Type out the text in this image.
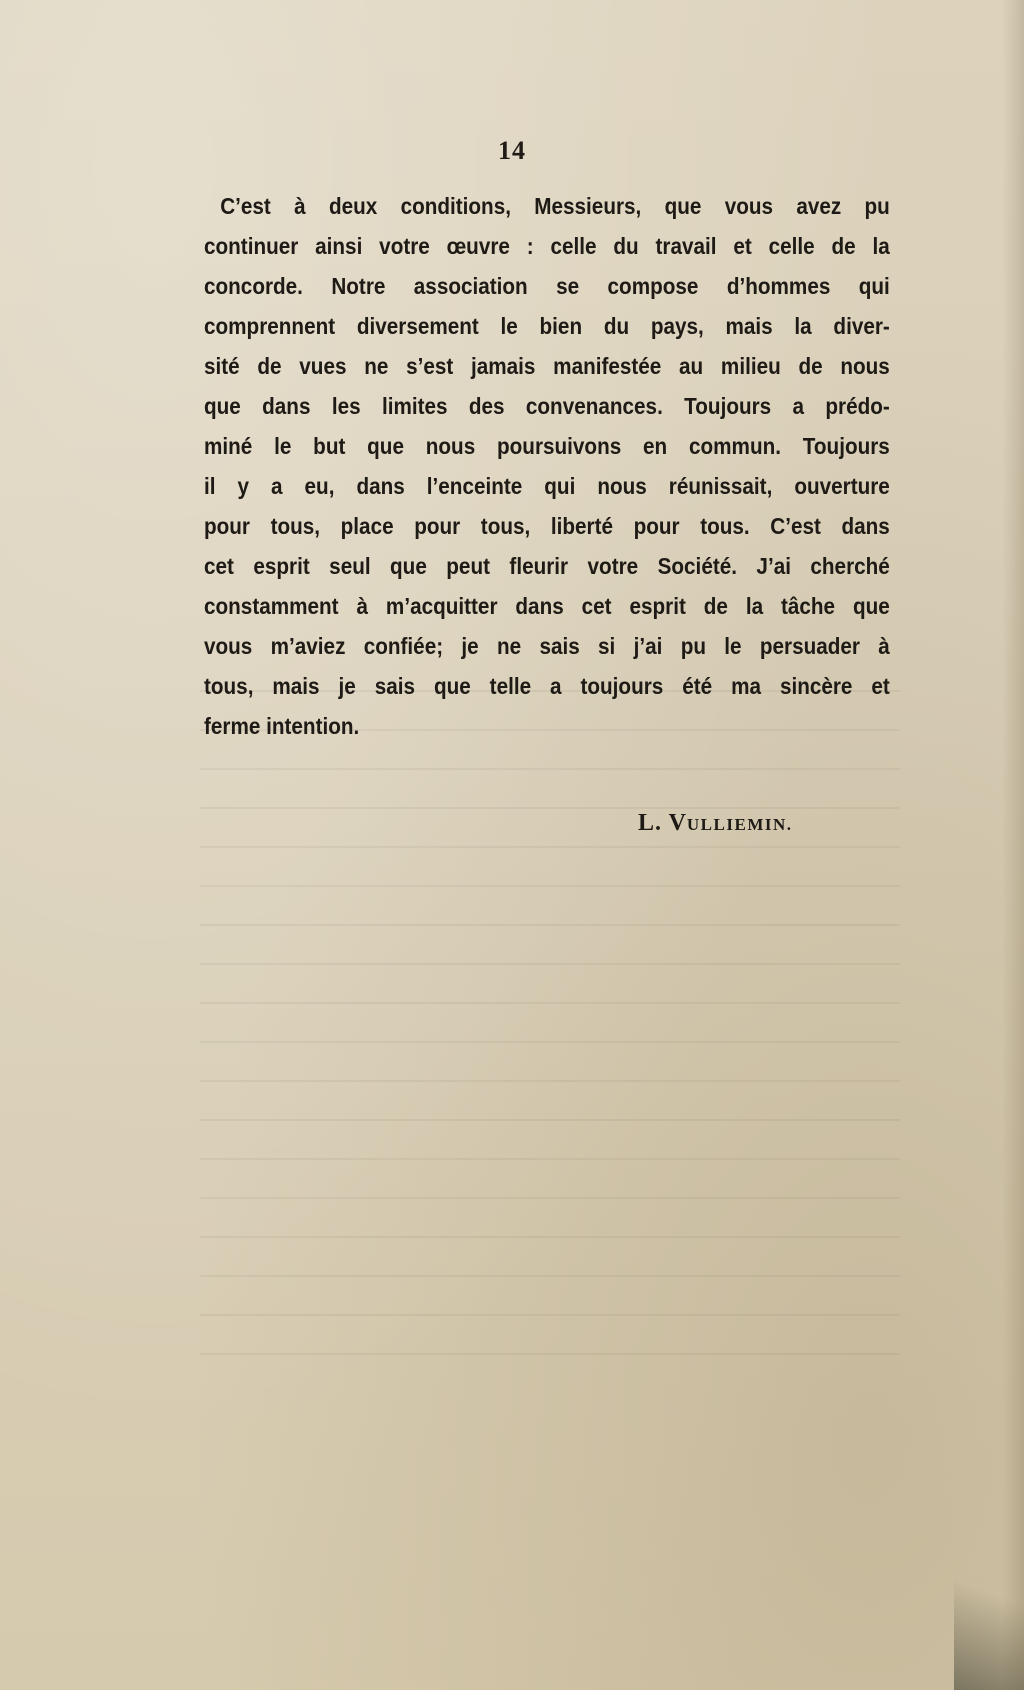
14
C’est à deux conditions, Messieurs, que vous avez pu
continuer ainsi votre œuvre : celle du travail et celle de la
concorde. Notre association se compose d’hommes qui
comprennent diversement le bien du pays, mais la diver-
sité de vues ne s’est jamais manifestée au milieu de nous
que dans les limites des convenances. Toujours a prédo-
miné le but que nous poursuivons en commun. Toujours
il y a eu, dans l’enceinte qui nous réunissait, ouverture
pour tous, place pour tous, liberté pour tous. C’est dans
cet esprit seul que peut fleurir votre Société. J’ai cherché
constamment à m’acquitter dans cet esprit de la tâche que
vous m’aviez confiée; je ne sais si j’ai pu le persuader à
tous, mais je sais que telle a toujours été ma sincère et
ferme intention.
L. VULLIEMIN.
